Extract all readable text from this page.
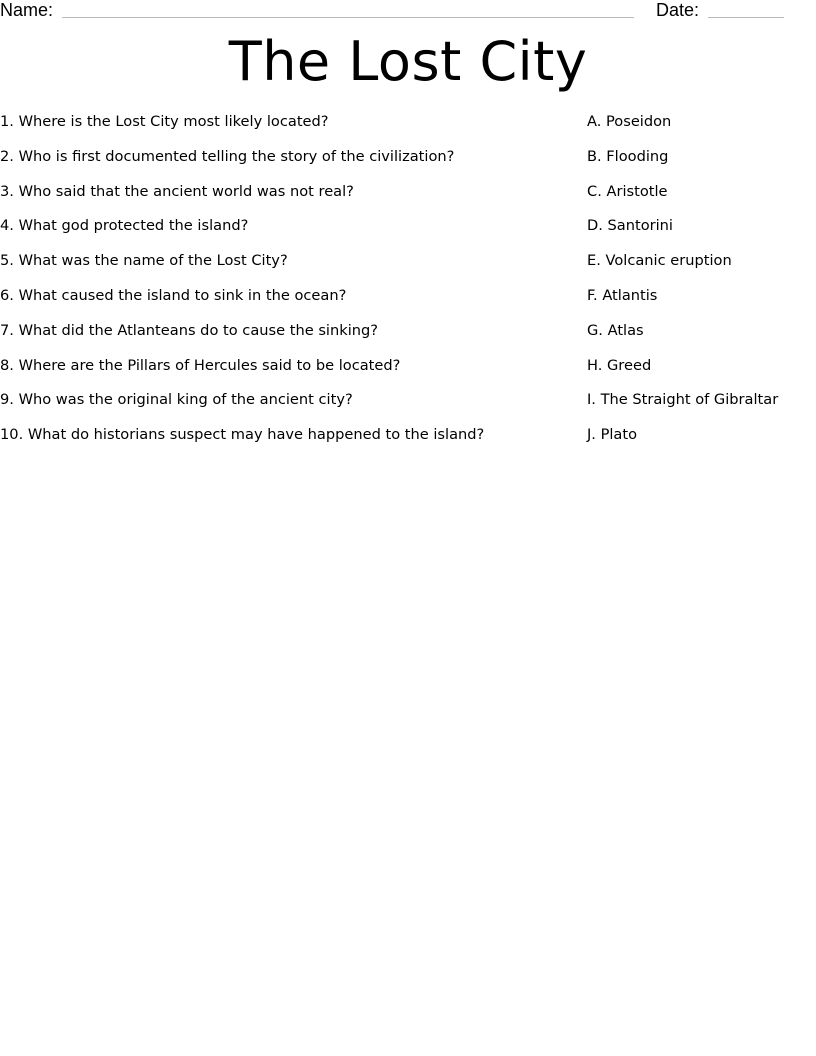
Name:	Date:
The Lost City
1. Where is the Lost City most likely located?
2. Who is first documented telling the story of the civilization?
3. Who said that the ancient world was not real?
4. What god protected the island?
5. What was the name of the Lost City?
6. What caused the island to sink in the ocean?
7. What did the Atlanteans do to cause the sinking?
8. Where are the Pillars of Hercules said to be located?
9. Who was the original king of the ancient city?
10. What do historians suspect may have happened to the island?
A. Poseidon
B. Flooding
C. Aristotle
D. Santorini
E. Volcanic eruption
F. Atlantis
G. Atlas
H. Greed
I. The Straight of Gibraltar
J. Plato
